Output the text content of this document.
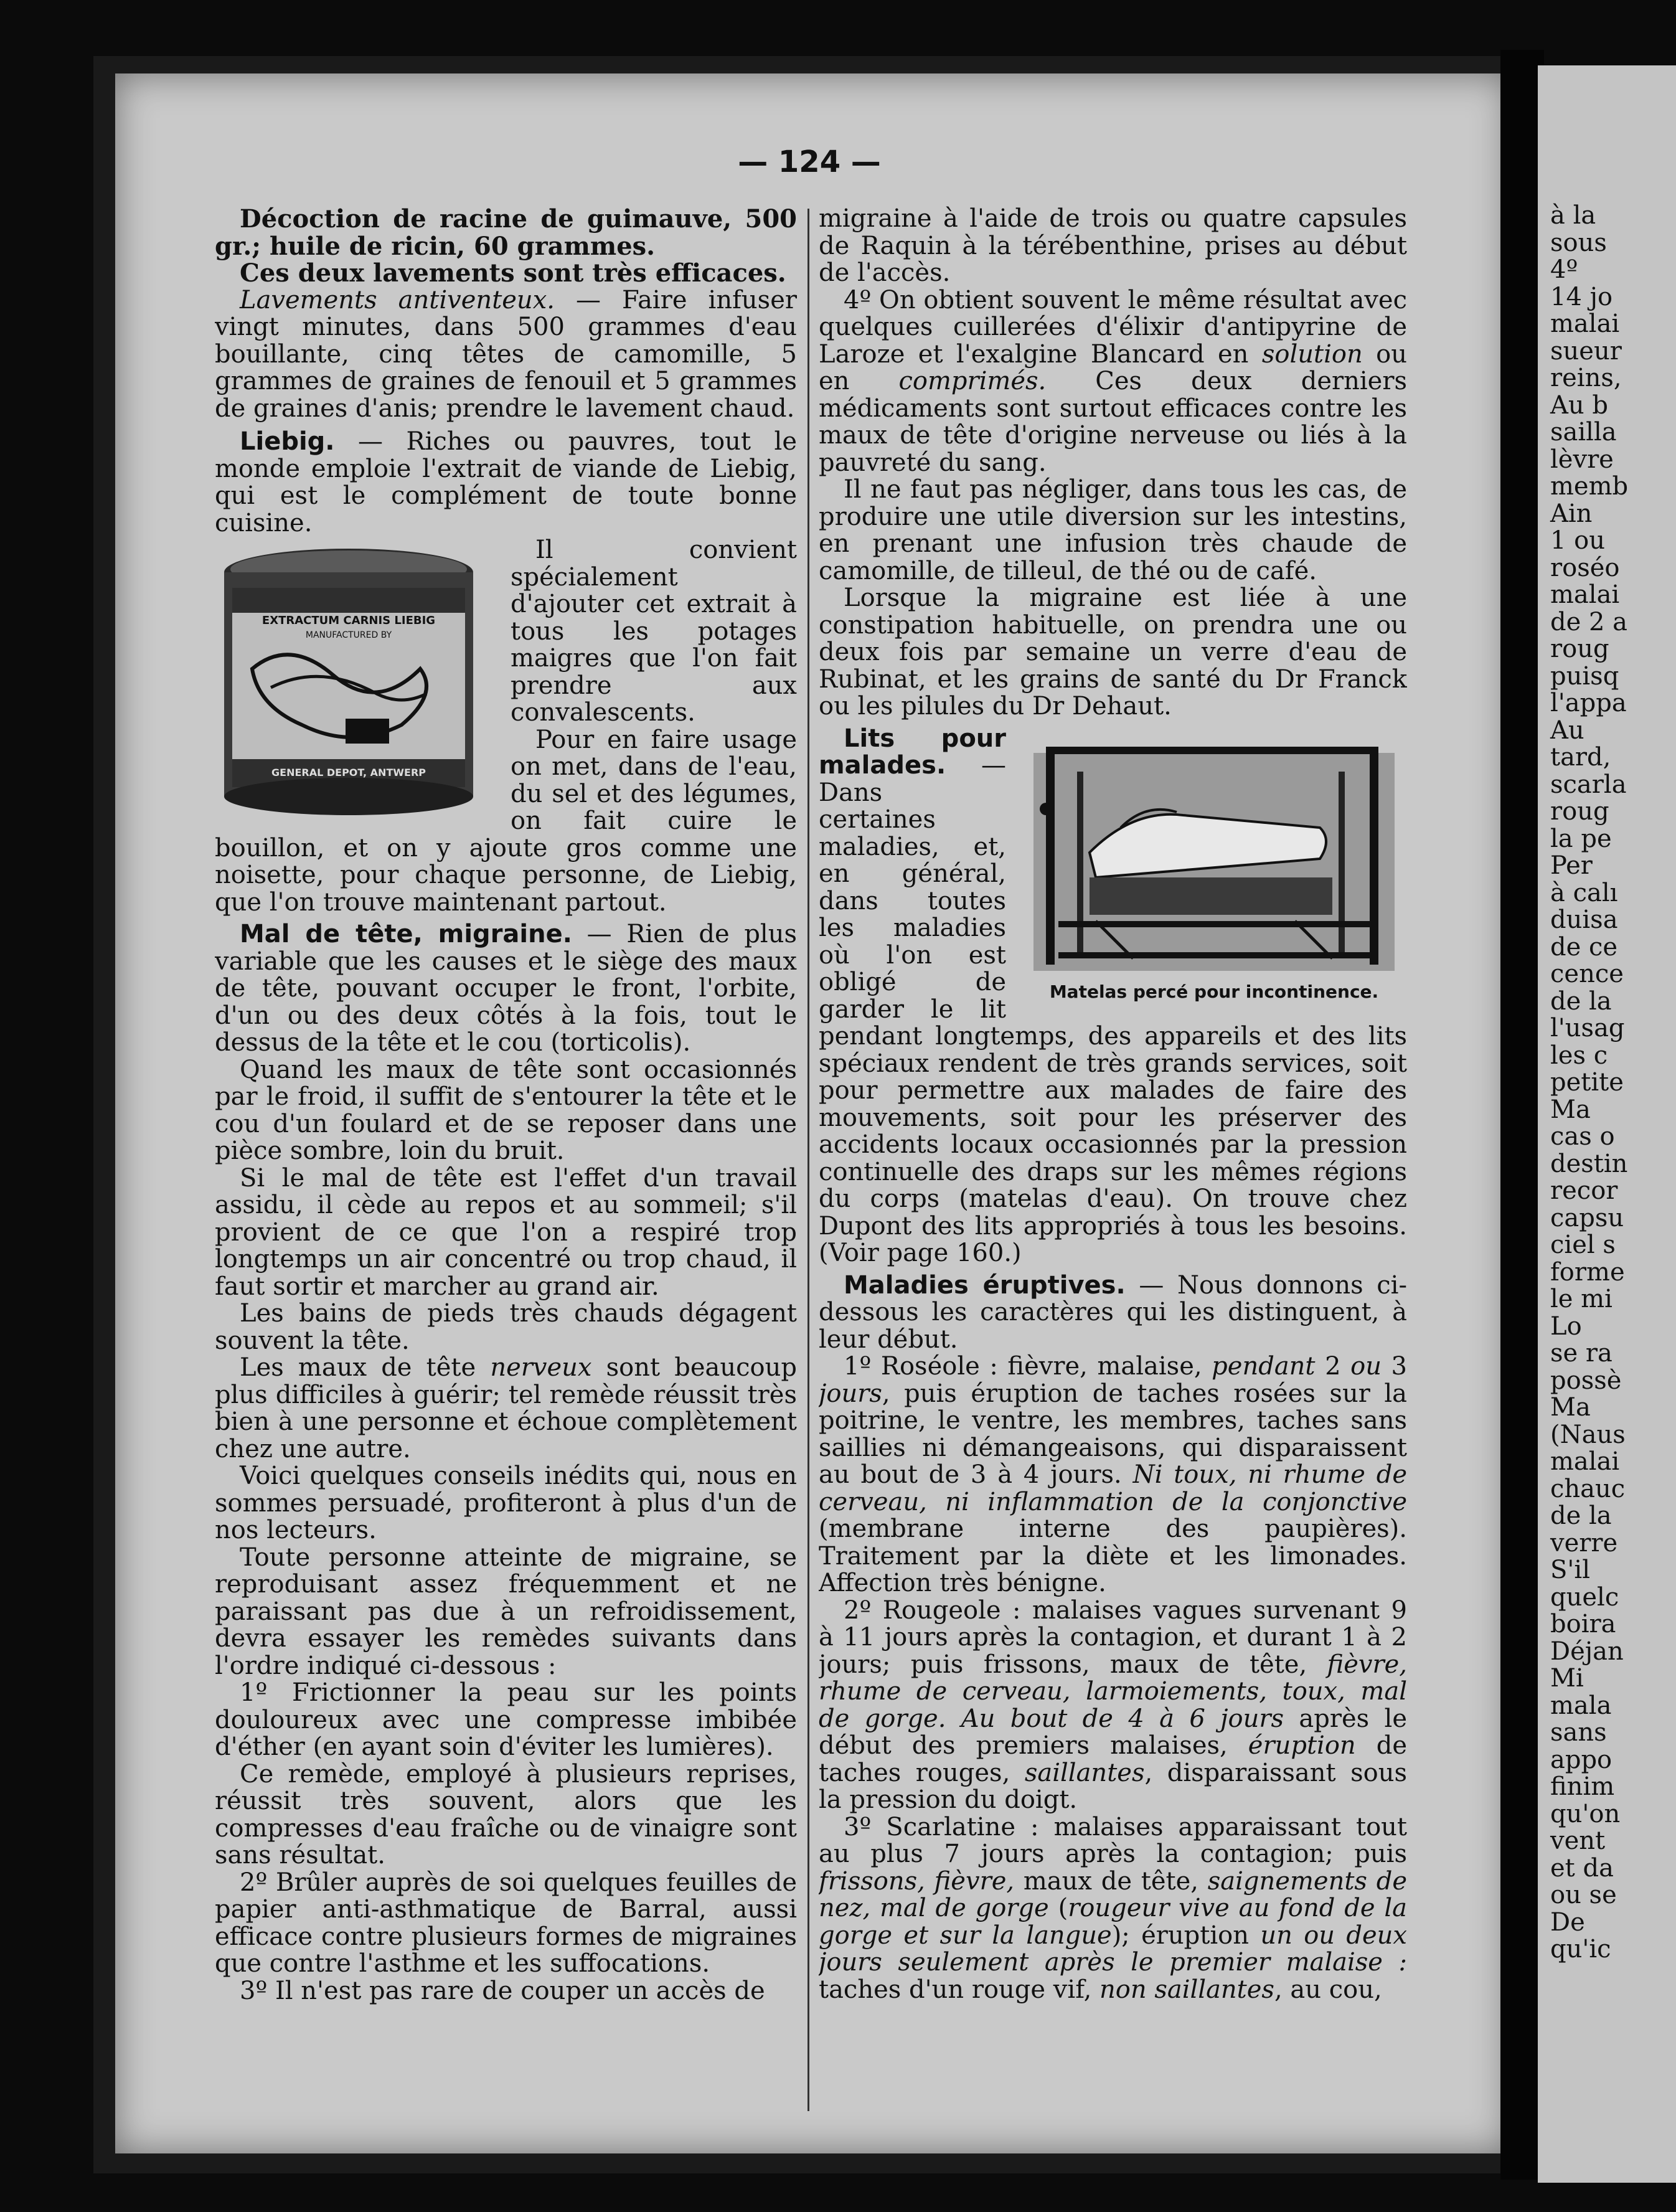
à la
sous
4º
14 jo
malai
sueur
reins,
Au b
sailla
lèvre
memb
Ain
1 ou
roséo
malai
de 2 a
roug
puisq
l'appa
Au
tard,
scarla
roug
la pe
Per
à calı
duisa
de ce
cence
de la
l'usag
les c
petite
Ma
cas o
destin
recor
capsu
ciel s
forme
le mi
Lo
se ra
possè
Ma
(Naus
malai
chauc
de la
verre
S'il
quelc
boira
Déjan
Mi
mala
sans
appo
finim
qu'on
vent
et da
ou se
De
qu'ic
— 124 —

Décoction de racine de guimauve, 500 gr.; huile de ricin, 60 grammes.

Ces deux lavements sont très efficaces.

Lavements antiventeux. — Faire infuser vingt minutes, dans 500 grammes d'eau bouillante, cinq têtes de camomille, 5 grammes de graines de fenouil et 5 grammes de graines d'anis; prendre le lavement chaud.

Liebig. — Riches ou pauvres, tout le monde emploie l'extrait de viande de Liebig, qui est le complément de toute bonne cuisine.

EXTRACTUM CARNIS LIEBIG
MANUFACTURED BY
GENERAL DEPOT, ANTWERP

Il convient spécialement d'ajouter cet extrait à tous les potages maigres que l'on fait prendre aux convalescents.

Pour en faire usage on met, dans de l'eau, du sel et des légumes, on fait cuire le bouillon, et on y ajoute gros comme une noisette, pour chaque personne, de Liebig, que l'on trouve maintenant partout.

Mal de tête, migraine. — Rien de plus variable que les causes et le siège des maux de tête, pouvant occuper le front, l'orbite, d'un ou des deux côtés à la fois, tout le dessus de la tête et le cou (torticolis).

Quand les maux de tête sont occasionnés par le froid, il suffit de s'entourer la tête et le cou d'un foulard et de se reposer dans une pièce sombre, loin du bruit.

Si le mal de tête est l'effet d'un travail assidu, il cède au repos et au sommeil; s'il provient de ce que l'on a respiré trop longtemps un air concentré ou trop chaud, il faut sortir et marcher au grand air.

Les bains de pieds très chauds dégagent souvent la tête.

Les maux de tête nerveux sont beaucoup plus difficiles à guérir; tel remède réussit très bien à une personne et échoue complètement chez une autre.

Voici quelques conseils inédits qui, nous en sommes persuadé, profiteront à plus d'un de nos lecteurs.

Toute personne atteinte de migraine, se reproduisant assez fréquemment et ne paraissant pas due à un refroidissement, devra essayer les remèdes suivants dans l'ordre indiqué ci-dessous :

1º Frictionner la peau sur les points douloureux avec une compresse imbibée d'éther (en ayant soin d'éviter les lumières).

Ce remède, employé à plusieurs reprises, réussit très souvent, alors que les compresses d'eau fraîche ou de vinaigre sont sans résultat.

2º Brûler auprès de soi quelques feuilles de papier anti-asthmatique de Barral, aussi efficace contre plusieurs formes de migraines que contre l'asthme et les suffocations.

3º Il n'est pas rare de couper un accès de

migraine à l'aide de trois ou quatre capsules de Raquin à la térébenthine, prises au début de l'accès.

4º On obtient souvent le même résultat avec quelques cuillerées d'élixir d'antipyrine de Laroze et l'exalgine Blancard en solution ou en comprimés. Ces deux derniers médicaments sont surtout efficaces contre les maux de tête d'origine nerveuse ou liés à la pauvreté du sang.

Il ne faut pas négliger, dans tous les cas, de produire une utile diversion sur les intestins, en prenant une infusion très chaude de camomille, de tilleul, de thé ou de café.

Lorsque la migraine est liée à une constipation habituelle, on prendra une ou deux fois par semaine un verre d'eau de Rubinat, et les grains de santé du Dr Franck ou les pilules du Dr Dehaut.

Lits pour malades. — Dans certaines maladies, et, en général, dans toutes les maladies où l'on est obligé de garder le lit pendant longtemps, des appareils et des lits spéciaux rendent de très grands services, soit pour permettre aux malades de faire des mouvements, soit pour les préserver des accidents locaux occasionnés par la pression continuelle des draps sur les mêmes régions du corps (matelas d'eau). On trouve chez Dupont des lits appropriés à tous les besoins. (Voir page 160.)

Maladies éruptives. — Nous donnons ci-dessous les caractères qui les distinguent, à leur début.

1º Roséole : fièvre, malaise, pendant 2 ou 3 jours, puis éruption de taches rosées sur la poitrine, le ventre, les membres, taches sans saillies ni démangeaisons, qui disparaissent au bout de 3 à 4 jours. Ni toux, ni rhume de cerveau, ni inflammation de la conjonctive (membrane interne des paupières). Traitement par la diète et les limonades. Affection très bénigne.

2º Rougeole : malaises vagues survenant 9 à 11 jours après la contagion, et durant 1 à 2 jours; puis frissons, maux de tête, fièvre, rhume de cerveau, larmoiements, toux, mal de gorge. Au bout de 4 à 6 jours après le début des premiers malaises, éruption de taches rouges, saillantes, disparaissant sous la pression du doigt.

3º Scarlatine : malaises apparaissant tout au plus 7 jours après la contagion; puis frissons, fièvre, maux de tête, saignements de nez, mal de gorge (rougeur vive au fond de la gorge et sur la langue); éruption un ou deux jours seulement après le premier malaise : taches d'un rouge vif, non saillantes, au cou,

Matelas percé pour incontinence.
